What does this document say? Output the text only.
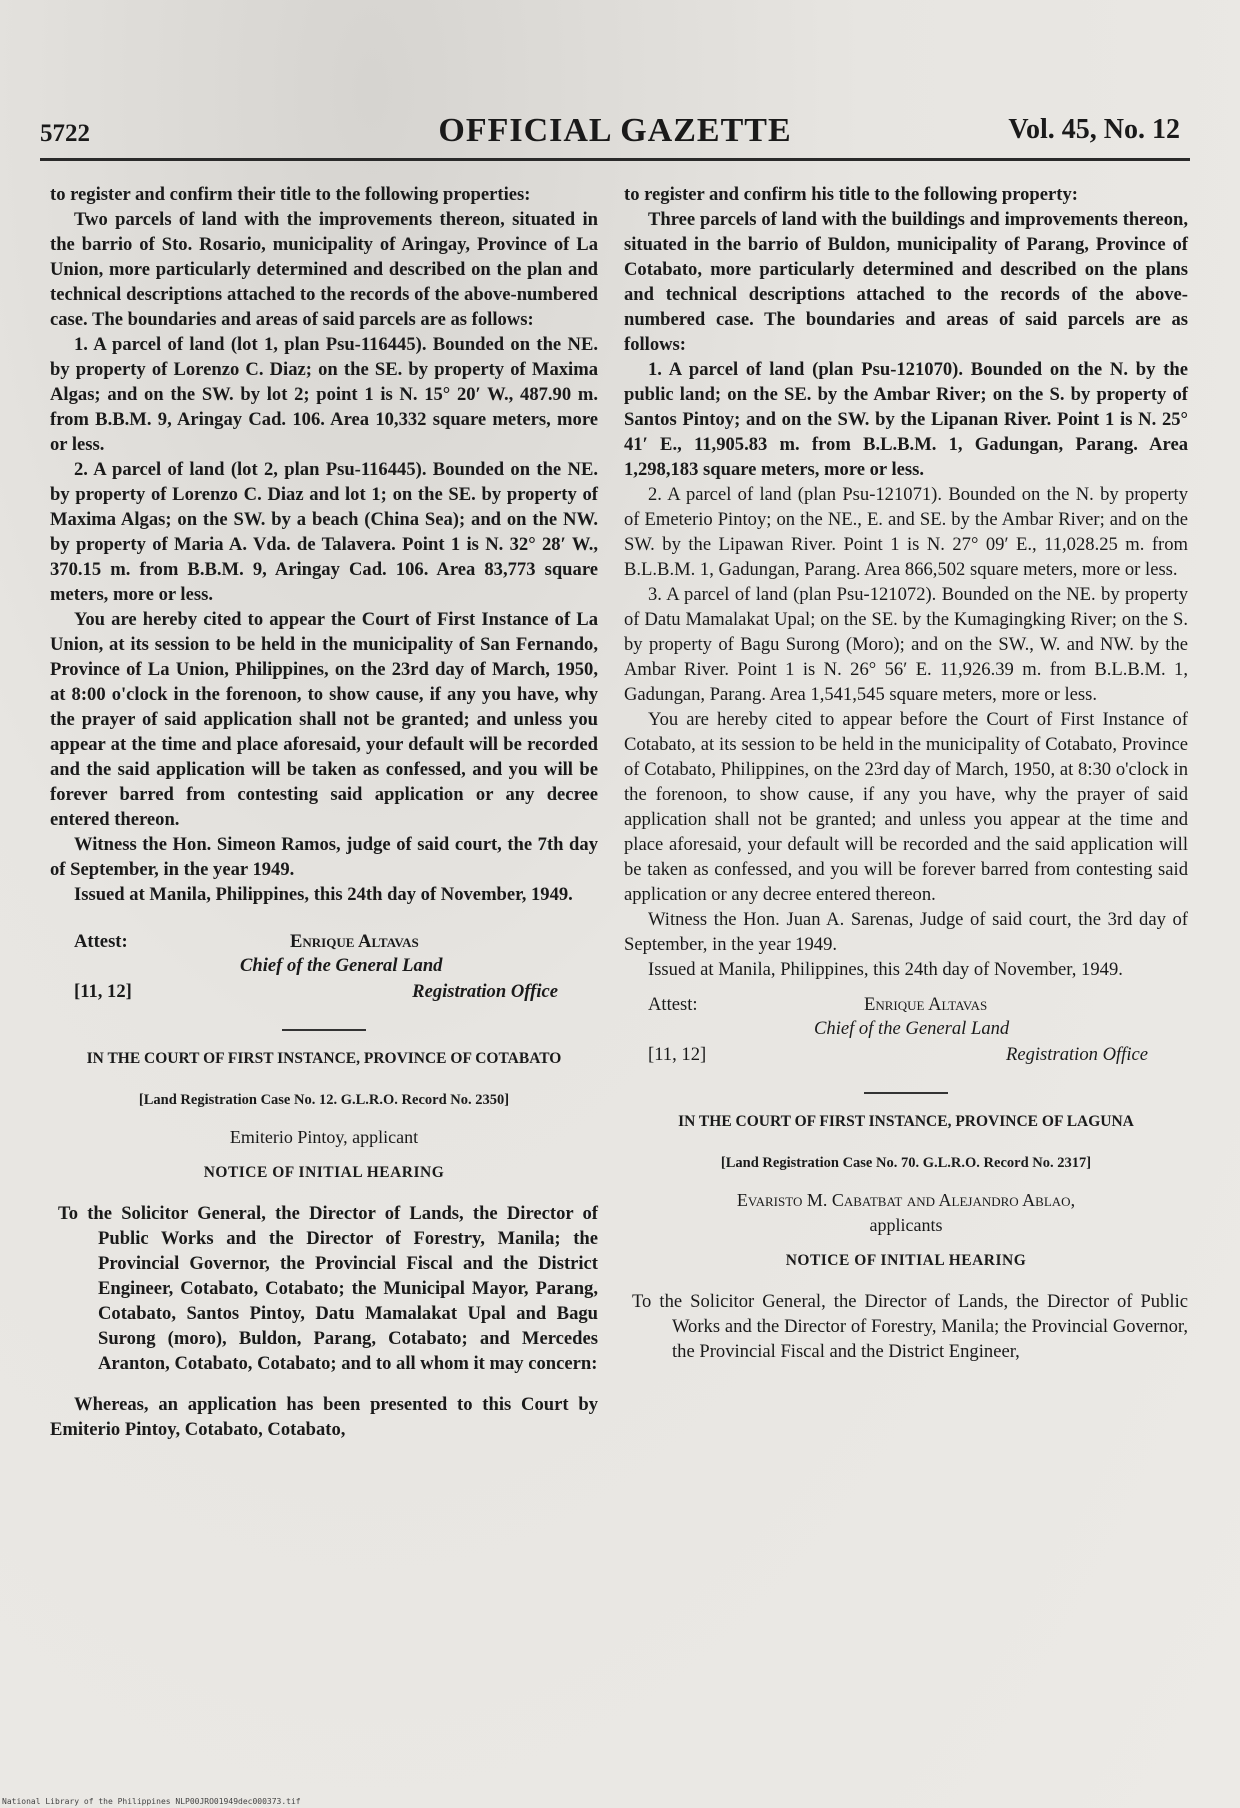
5722	OFFICIAL GAZETTE	Vol. 45, No. 12

to register and confirm their title to the following properties:

Two parcels of land with the improvements thereon, situated in the barrio of Sto. Rosario, municipality of Aringay, Province of La Union, more particularly determined and described on the plan and technical descriptions attached to the records of the above-numbered case. The boundaries and areas of said parcels are as follows:

1. A parcel of land (lot 1, plan Psu-116445). Bounded on the NE. by property of Lorenzo C. Diaz; on the SE. by property of Maxima Algas; and on the SW. by lot 2; point 1 is N. 15° 20′ W., 487.90 m. from B.B.M. 9, Aringay Cad. 106. Area 10,332 square meters, more or less.

2. A parcel of land (lot 2, plan Psu-116445). Bounded on the NE. by property of Lorenzo C. Diaz and lot 1; on the SE. by property of Maxima Algas; on the SW. by a beach (China Sea); and on the NW. by property of Maria A. Vda. de Talavera. Point 1 is N. 32° 28′ W., 370.15 m. from B.B.M. 9, Aringay Cad. 106. Area 83,773 square meters, more or less.

You are hereby cited to appear the Court of First Instance of La Union, at its session to be held in the municipality of San Fernando, Province of La Union, Philippines, on the 23rd day of March, 1950, at 8:00 o'clock in the forenoon, to show cause, if any you have, why the prayer of said application shall not be granted; and unless you appear at the time and place aforesaid, your default will be recorded and the said application will be taken as confessed, and you will be forever barred from contesting said application or any decree entered thereon.

Witness the Hon. Simeon Ramos, judge of said court, the 7th day of September, in the year 1949.

Issued at Manila, Philippines, this 24th day of November, 1949.

Attest:	Enrique Altavas
Chief of the General Land
[11, 12]	Registration Office
IN THE COURT OF FIRST INSTANCE, PROVINCE OF COTABATO
[Land Registration Case No. 12. G.L.R.O. Record No. 2350]
Emiterio Pintoy, applicant
NOTICE OF INITIAL HEARING

To the Solicitor General, the Director of Lands, the Director of Public Works and the Director of Forestry, Manila; the Provincial Governor, the Provincial Fiscal and the District Engineer, Cotabato, Cotabato; the Municipal Mayor, Parang, Cotabato, Santos Pintoy, Datu Mamalakat Upal and Bagu Surong (moro), Buldon, Parang, Cotabato; and Mercedes Aranton, Cotabato, Cotabato; and to all whom it may concern:

Whereas, an application has been presented to this Court by Emiterio Pintoy, Cotabato, Cotabato,

to register and confirm his title to the following property:

Three parcels of land with the buildings and improvements thereon, situated in the barrio of Buldon, municipality of Parang, Province of Cotabato, more particularly determined and described on the plans and technical descriptions attached to the records of the above-numbered case. The boundaries and areas of said parcels are as follows:

1. A parcel of land (plan Psu-121070). Bounded on the N. by the public land; on the SE. by the Ambar River; on the S. by property of Santos Pintoy; and on the SW. by the Lipanan River. Point 1 is N. 25° 41′ E., 11,905.83 m. from B.L.B.M. 1, Gadungan, Parang. Area 1,298,183 square meters, more or less.

2. A parcel of land (plan Psu-121071). Bounded on the N. by property of Emeterio Pintoy; on the NE., E. and SE. by the Ambar River; and on the SW. by the Lipawan River. Point 1 is N. 27° 09′ E., 11,028.25 m. from B.L.B.M. 1, Gadungan, Parang. Area 866,502 square meters, more or less.

3. A parcel of land (plan Psu-121072). Bounded on the NE. by property of Datu Mamalakat Upal; on the SE. by the Kumagingking River; on the S. by property of Bagu Surong (Moro); and on the SW., W. and NW. by the Ambar River. Point 1 is N. 26° 56′ E. 11,926.39 m. from B.L.B.M. 1, Gadungan, Parang. Area 1,541,545 square meters, more or less.

You are hereby cited to appear before the Court of First Instance of Cotabato, at its session to be held in the municipality of Cotabato, Province of Cotabato, Philippines, on the 23rd day of March, 1950, at 8:30 o'clock in the forenoon, to show cause, if any you have, why the prayer of said application shall not be granted; and unless you appear at the time and place aforesaid, your default will be recorded and the said application will be taken as confessed, and you will be forever barred from contesting said application or any decree entered thereon.

Witness the Hon. Juan A. Sarenas, Judge of said court, the 3rd day of September, in the year 1949.

Issued at Manila, Philippines, this 24th day of November, 1949.

Attest:	Enrique Altavas
Chief of the General Land
[11, 12]	Registration Office
IN THE COURT OF FIRST INSTANCE, PROVINCE OF LAGUNA
[Land Registration Case No. 70. G.L.R.O. Record No. 2317]
Evaristo M. Cabatbat and Alejandro Ablao,
applicants
NOTICE OF INITIAL HEARING

To the Solicitor General, the Director of Lands, the Director of Public Works and the Director of Forestry, Manila; the Provincial Governor, the Provincial Fiscal and the District Engineer,

National Library of the Philippines NLP00JRO01949dec000373.tif
